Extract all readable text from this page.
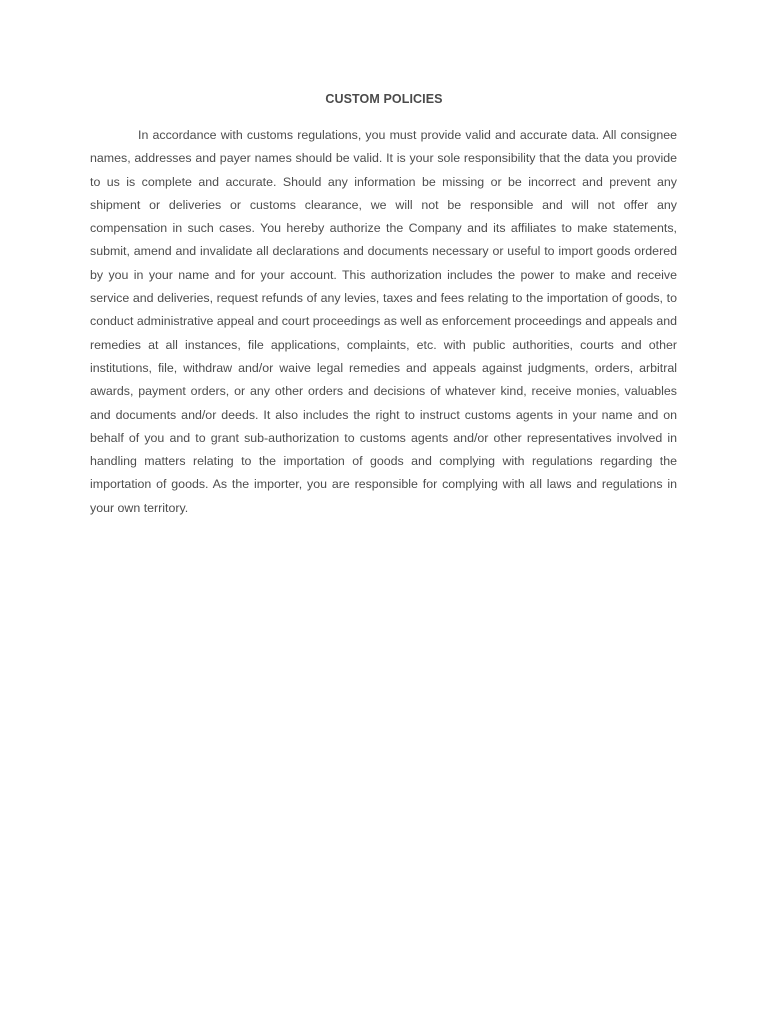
CUSTOM POLICIES

In accordance with customs regulations, you must provide valid and accurate data. All consignee names, addresses and payer names should be valid. It is your sole responsibility that the data you provide to us is complete and accurate. Should any information be missing or be incorrect and prevent any shipment or deliveries or customs clearance, we will not be responsible and will not offer any compensation in such cases. You hereby authorize the Company and its affiliates to make statements, submit, amend and invalidate all declarations and documents necessary or useful to import goods ordered by you in your name and for your account. This authorization includes the power to make and receive service and deliveries, request refunds of any levies, taxes and fees relating to the importation of goods, to conduct administrative appeal and court proceedings as well as enforcement proceedings and appeals and remedies at all instances, file applications, complaints, etc. with public authorities, courts and other institutions, file, withdraw and/or waive legal remedies and appeals against judgments, orders, arbitral awards, payment orders, or any other orders and decisions of whatever kind, receive monies, valuables and documents and/or deeds. It also includes the right to instruct customs agents in your name and on behalf of you and to grant sub-authorization to customs agents and/or other representatives involved in handling matters relating to the importation of goods and complying with regulations regarding the importation of goods. As the importer, you are responsible for complying with all laws and regulations in your own territory.
